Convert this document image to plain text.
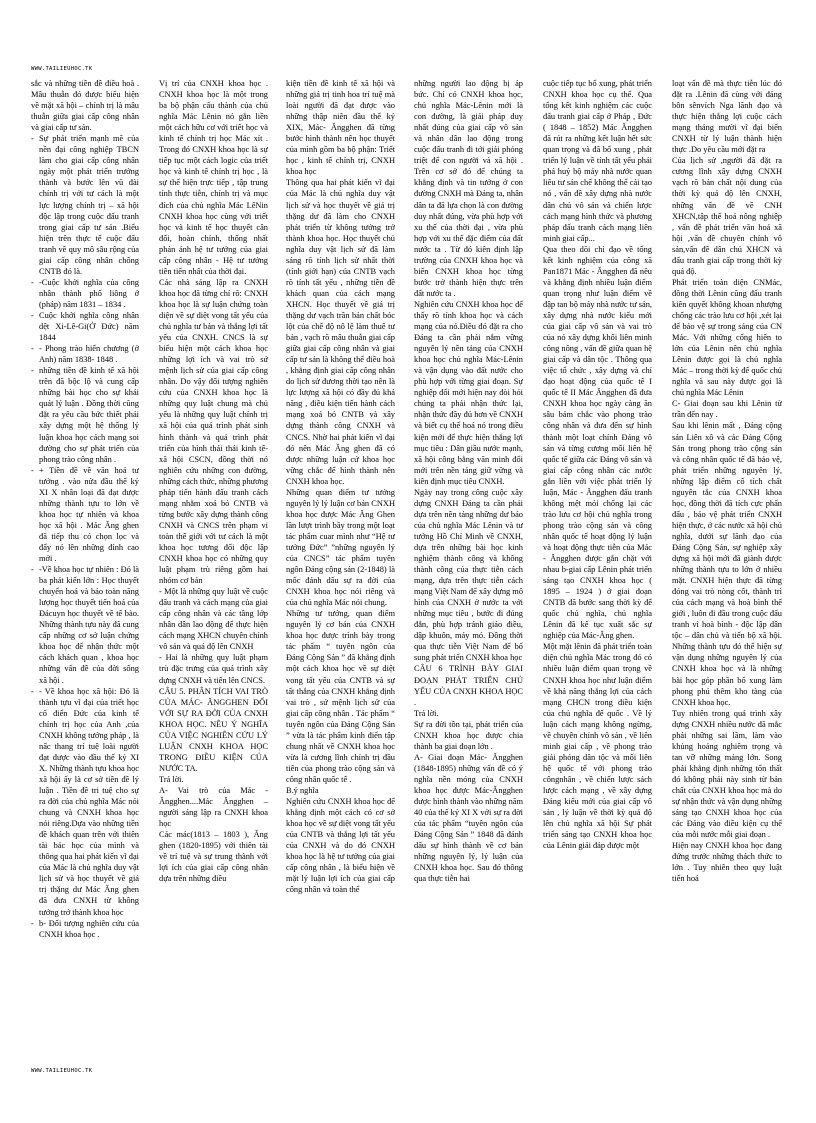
WWW.TAILIEUHOC.TK

sắc và những tiền đề điều hoà . Mâu thuẫn đó được biểu hiện về mặt xã hội – chính trị là mâu thuẫn giữa giai cấp công nhân và giai cấp tư sản.

- Sự phát triển mạnh mẽ của nền đại công nghiệp TBCN làm cho giai cấp công nhân ngày một phát triển trưởng thành và bước lên vũ đài chính trị với tư cách là một lực lượng chính trị – xã hội độc lập trong cuộc đấu tranh trong giai cấp tư sản .Biểu hiện trên thực tế cuộc đấu tranh về quy mô sâu rộng của giai cấp công nhân chống CNTB đó là.
- -Cuộc khởi nghĩa của công nhân thành phố liông ở (pháp) năm 1831 – 1834 .
- Cuộc khởi nghĩa công nhân dệt Xi-Lê-Gi(Ở Đức) năm 1844
- - Phong trào hiến chương (ở Anh) năm 1838- 1848 .
- những tiền đề kinh tế xã hội trên đã bộc lộ và cung cấp những bài học cho sự khái quát lý luận . Đồng thời cũng đặt ra yêu cầu bức thiết phải xây dựng một hệ thống lý luận khoa học cách mạng soi đường cho sự phát triển của phong trào công nhân .
- + Tiền đề về văn hoá tư tưởng . vào nửa đầu thế kỷ XI X nhân loại đã đạt được những thành tựu to lớn về khoa học tự nhiên và khoa học xã hội . Mác Ăng ghen đã tiếp thu có chọn lọc và đẩy nó lên những đỉnh cao mới .
- -Về khoa học tự nhiên : Đó là ba phát kiến lớn : Học thuyết chuyển hoá và bảo toàn năng lượng học thuyết tiến hoá của Đácuyn học thuyết về tế bào. Những thành tựu này đã cung cấp những cơ sở luận chứng khoa học để nhận thức một cách khách quan , khoa học những vấn đề của đời sống xã hội .
- - Về khoa học xã hội: Đó là thành tựu vĩ đại của triết học cổ điển Đức của kinh tế chính trị học của Anh ,của CNXH không tưởng pháp , là nấc thang trí tuệ loài người đạt được vào đầu thế kỷ XI X. Những thành tựu khoa học xã hội ấy là cơ sở tiền đề lý luận . Tiền đề tri tuệ cho sự ra đời của chủ nghĩa Mác nói chung và CNXH khoa học nói riêng.Dựa vào những tiền đề khách quan trên với thiên tài bác học của mình và thông qua hai phát kiến vĩ đại của Mác là chủ nghĩa duy vật lịch sử và học thuyết về giá trị thặng dư Mác Ăng ghen đã đưa CNXH từ không tưởng trở thành khoa học
- b- Đối tượng nghiên cứu của CNXH khoa học .

Vị trí của CNXH khoa học . CNXH khoa học là một trong ba bộ phận cấu thành của chủ nghĩa Mác Lênin nó gắn liền một cách hữu cơ với triết học và kinh tế chính trị học Mác xít . Trong đó CNXH khoa học là sự tiếp tục một cách logic của triết học và kinh tế chính trị học , là sự thể hiện trực tiếp , tập trung tính thực tiễn, chính trị và mục đích của chủ nghĩa Mác LêNin CNXH khoa học cùng với triết học và kinh tế học thuyết cân đối, hoàn chỉnh, thống nhất phản ánh hệ tư tưởng của giai cấp công nhân - Hệ tư tưởng tiên tiến nhất của thời đại.

Các nhà sáng lập ra CNXH khoa học đã từng chỉ rõ: CNXH khoa học là sự luận chứng toàn diện về sự diệt vong tất yếu của chủ nghĩa tư bản và thắng lợi tất yếu của CNXH. CNCS là sự biểu hiện một cách khoa học những lợi ích và vai trò sứ mệnh lịch sử của giai cấp công nhân. Do vậy đối tượng nghiên cứu của CNXH khoa học là những quy luật chung mà chủ yếu là những quy luật chính trị xã hội của quá trình phát sinh hình thành và quá trình phát triển của hình thái thái kinh tế- xã hội CSCN, đồng thời nó nghiên cứu những con đường, những cách thức, những phương pháp tiến hành đấu tranh cách mạng nhằm xoá bỏ CNTB và từng bước xây dựng thành công CNXH và CNCS trên phạm vi toàn thế giới với tư cách là một khoa học tương đối độc lập CNXH khoa học có những quy luật phạm trù riêng gồm hai nhóm cơ bản

- Một là những quy luật về cuộc đấu tranh và cách mạng của giai cấp công nhân và các tầng lớp nhân dân lao động để thực hiện cách mạng XHCN chuyên chính vô sản và quá độ lên CNXH

- Hai là những quy luật phạm trù đặc trưng của quá trình xây dựng CNXH và tiến lên CNCS.

CÂU 5. PHÂN TÍCH VAI TRÒ CỦA MÁC- ĂNGGHEN ĐỐI VỚI SỰ RA ĐỜI CỦA CNXH KHOA HỌC. NÊU Ý NGHĨA CỦA VIỆC NGHIÊN CỨU LÝ LUẬN CNXH KHOA HỌC TRONG ĐIỀU KIỆN CỦA NƯỚC TA.

Trả lời.

A- Vai trò của Mác - Ăngghen....Mác Ăngghen – người sáng lập ra CNXH khoa học

Các mác(1813 – 1803 ), Ăng ghen (1820-1895) với thiên tài về trí tuệ và sự trung thành với lợi ích của giai cấp công nhân dựa trên những điều

kiện tiền đề kinh tế xã hội và những giá trị tinh hoa trí tuệ mà loài người đã đạt được vào những thập niên đầu thế kỷ XIX, Mác- Ăngghen đã từng bước hình thành nên học thuyết của mình gồm ba bộ phận: Triết học , kinh tế chính trị, CNXH khoa học

Thông qua hai phát kiến vĩ đại của Mác là chủ nghĩa duy vật lịch sử và học thuyết về giá trị thặng dư đã làm cho CNXH phát triển từ không tưởng trở thành khoa học. Học thuyết chủ nghĩa duy vật lịch sử đã làm sáng rõ tính lịch sử nhất thời (tính giới hạn) của CNTB vạch rõ tính tất yếu , những tiền đề khách quan của cách mạng XHCN. Học thuyết về giá trị thặng dư vạch trần bản chất bóc lột của chế độ nô lệ làm thuê tư bản , vạch rõ mâu thuẫn giai cấp giữa giai cấp công nhân và giai cấp tư sản là không thể điều hoà , khẳng định giai cấp công nhân do lịch sử đương thời tạo nên là lực lượng xã hội có đầy đủ khả năng , điều kiện tiến hành cách mạng xoá bỏ CNTB và xây dựng thành công CNXH và CNCS. Nhờ hai phát kiến vĩ đại đó nên Mác Ăng ghen đã có được những luận cứ khoa học vững chắc để hình thành nên CNXH khoa học.

Những quan điểm tư tưởng nguyên lý lý luận cơ bản CNXH khoa học được Mác Ăng Ghen lần lượt trình bầy trong một loạt tác phẩm cuar mình như “Hệ tư tưởng Đức” ”những nguyên lý của CNCS” tác phẩm tuyên ngôn Đảng cộng sản (2-1848) là mốc đánh dấu sự ra đời của CNXH khoa học nói riêng và của chủ nghĩa Mác nói chung.

Những tư tưởng, quan điểm nguyên lý cơ bản của CNXH khoa học được trình bày trong tác phẩm “ tuyên ngôn của Đảng Cộng Sản ” đã khẳng định một cách khoa học về sự diệt vong tất yếu của CNTB và sự tất thắng của CNXH khẳng định vai trò , sứ mệnh lịch sử của giai cấp công nhân . Tác phẩm “ tuyên ngôn của Đảng Cộng Sản ” vừa là tác phẩm kinh điển tập chung nhất về CNXH khoa học vừa là cương lĩnh chính trị đầu tiên của phong trào cộng sản và công nhân quốc tế .

B.ý nghĩa

Nghiên cứu CNXH khoa học để khẳng định một cách có cơ sở khoa học về sự diệt vong tất yếu của CNTB và thắng lợi tất yếu của CNXH và do đó CNXH khoa học là hệ tư tưởng của giai cấp công nhân , là biểu hiện về mặt lý luận lợi ích của giai cấp công nhân và toàn thể

những người lao động bị áp bức. Chỉ có CNXH khoa học, chủ nghĩa Mác-Lênin mới là con đường, là giải pháp duy nhất đúng của giai cấp vô sản và nhân dân lao động trong cuộc đấu tranh đi tới giải phóng triệt để con người và xã hội . Trên cơ sở đó để chúng ta khẳng định và tin tưởng ở con đường CNXH mà Đảng ta, nhân dân ta đã lựa chọn là con đường duy nhất đúng, vừa phù hợp với xu thế của thời đại , vừa phù hợp với xu thế đặc điểm của đất nước ta . Từ đó kiên định lập trường của CNXH khoa học và biến CNXH khoa học từng bước trở thành hiện thực trên đất nước ta .

Nghiên cứu CNXH khoa học để thấy rõ tính khoa học và cách mạng của nó.Điều đó đặt ra cho Đảng ta cần phải nắm vững nguyên lý nền tảng của CNXH khoa học chủ nghĩa Mác-Lênin và vận dụng vào đất nước cho phù hợp với từng giai đoạn. Sự nghiệp đổi mới hiện nay đòi hỏi chúng ta phải nhận thức lại, nhận thức đầy đủ hơn về CNXH và biết cụ thể hoá nó trong điều kiện mới để thực hiện thắng lợi mục tiêu : Dân giầu nước mạnh, xã hội công bằng văn minh đổi mới trên nền tảng giữ vững và kiên định mục tiêu CNXH.

Ngày nay trong công cuộc xây dựng CNXH Đảng ta cần phải dựa trên nền tảng những dư báo của chủ nghĩa Mác Lênin và tư tưởng Hồ Chí Minh về CNXH, dựa trên những bài học kinh nghiệm thành công và không thành công của thực tiễn cách mạng, dựa trên thực tiễn cách mạng Việt Nam để xây dựng mô hình của CNXH ở nước ta với những mục tiêu , bước đi đúng đắn, phù hợp tránh giáo điều, dập khuôn, máy mó. Đồng thời qua thực tiễn Việt Nam để bổ sung phát triển CNXH khoa học

CÂU 6 TRÌNH BÀY GIAI ĐOẠN PHÁT TRIỂN CHỦ YẾU CỦA CNXH KHOA HỌC .

Trả lời.

Sự ra đời tồn tại, phát triển của CNXH khoa học được chia thành ba giai đoạn lớn .

A- Giai đoạn Mác- Ăngghen (1848-1895) những vấn đề có ý nghĩa nền móng của CNXH khoa học được Mác-Ăngghen được hình thành vào những năm 40 của thế kỷ XI X với sự ra đời của tác phẩm “tuyên ngôn của Đảng Cộng Sản ” 1848 đã đánh dấu sự hình thành về cơ bản những nguyên lý, lý luận của CNXH khoa học. Sau đó thông qua thực tiễn hai

cuộc tiếp tục bổ xung, phát triển CNXH khoa học cụ thể. Qua tổng kết kinh nghiệm các cuộc đấu tranh giai cấp ở Pháp , Đức ( 1848 – 1852) Mác Ăngghen đã rút ra những kết luận hết sức quan trọng và đã bổ xung , phát triển lý luận về tính tất yếu phải phá huỷ bộ máy nhà nước quan liêu tư sản chế không thể cải tạo nó , vấn đề xây dựng nhà nước dân chủ vô sản và chiến lược cách mạng hình thức và phương pháp đấu tranh cách mạng liên minh giai cấp...

Qua theo dõi chỉ đạo về tổng kết kinh nghiệm của công xã Pan1871 Mác - Ăngghen đã nêu và khẳng định nhiều luận điểm quan trọng như luận điểm về đập tan bộ máy nhà nước tư sản, xây dựng nhà nước kiểu mới của giai cấp vô sản và vai trò của nó xây dựng khối liên minh công nông , vấn đề giữa quan hệ giai cấp và dân tộc . Thông qua việc tổ chức , xây dựng và chỉ đạo hoạt động của quốc tế I quốc tế II Mác Ăngghen đã đưa CNXH khoa học ngày càng ăn sâu bám chắc vào phong trào công nhân và đưa đến sự hình thành một loạt chính Đảng vô sản và từng cương mối liên hệ quốc tế giữa các Đảng vô sản và giai cấp công nhân các nước gắn liền với việc phát triển lý luận, Mác - Ăngghen đấu tranh không mệt mỏi chống lại các trào lưu cơ hội chủ nghĩa trong phong trào cộng sản và công nhân quốc tế hoạt động lý luận và hoạt động thực tiễn của Mác - Ăngghen được gắn chặt với nhau b-giai cấp Lênin phát triển sáng tạo CNXH khoa học ( 1895 – 1924 ) ở giai đoạn CNTB đã bước sang thời kỳ đế quốc chủ nghĩa, chủ nghĩa Lênin đã kế tục xuất sắc sự nghiệp của Mác-Ăng ghen.

Một mặt lênin đã phát triển toàn diện chủ nghĩa Mác trong đó có nhiều luận điểm quan trọng về CNXH khoa học như luận điểm về khả năng thắng lợi của cách mạng CHCN trong điều kiện của chủ nghĩa đế quốc . Về lý luận cách mạng không ngừng, về chuyên chính vô sản , về liên minh giai cấp , về phong trào giải phóng dân tộc và mối liên hệ quốc tế với phong trào côngnhân , về chiến lược sách lược cách mạng , về xây dựng Đảng kiểu mới của giai cấp vô sản , lý luận về thời kỳ quá độ lên chủ nghĩa xã hội Sự phát triển sáng tạo CNXH khoa học của Lênin giải đáp được một

loạt vấn đề mà thực tiễn lúc đó đặt ra .Lênin đã cùng với đảng bôn sênvích Nga lãnh đạo và thực hiện thắng lợi cuộc cách mạng tháng mười vĩ đại biến CNXH từ lý luận thành hiện thực .Do yêu cầu mới đặt ra

Của lịch sử ,người đã đặt ra cương lĩnh xây dựng CNXH vạch rõ bản chất nội dung của thời kỳ quá độ lên CNXH, những vấn đề về CNH XHCN,tập thể hoá nông nghiệp , vấn đề phát triển văn hoá xã hội ,vấn đề chuyên chính vô sản,vấn đề dân chủ XHCN và đấu tranh giai cấp trong thời kỳ quá độ.

Phát triển toàn diện CNMác, đồng thời Lênin cũng đấu tranh kiên quyết không khoan nhượng chống các trào lưu cơ hội ,xét lại để bảo vệ sự trong sáng của CN Mác. Với những cống hiến to lớn của Lênin nên chủ nghĩa Lênin được gọi là chủ nghĩa Mác – trong thời kỳ đế quốc chủ nghĩa và sau này được gọi là chủ nghĩa Mác Lênin

C- Giai đoạn sau khi Lênin từ trần đến nay .

Sau khi lênin mất , Đảng cộng sản Liên xô và các Đảng Cộng Sản trong phong trào cộng sản và công nhân quốc tế đã bảo vệ, phát triển những nguyên lý, những lập điểm cố tích chất nguyên tắc của CNXH khoa học, đồng thời đã tích cực phấn đấu , bảo vệ phát triển CNXH hiện thực, ở các nước xã hội chủ nghĩa, dưới sự lãnh đạo của Đảng Cộng Sản, sự nghiệp xây dựng xã hội mới đã giành được những thành tựu to lớn ở nhiều mặt. CNXH hiện thực đã từng đóng vai trò nòng cốt, thành trì của cách mạng và hoà bình thế giới , luôn đi đầu trong cuộc đấu tranh vì hoà bình - độc lập dân tộc – dân chủ và tiến bộ xã hội. Những thành tựu đó thể hiện sự vận dụng những nguyên lý của CNXH khoa học và là những bài học góp phần bổ xung làm phong phú thêm kho tàng của CNXH khoa học.

Tuy nhiên trong quá trình xây dựng CNXH nhiều nước đã mắc phải những sai lầm, làm vào khủng hoảng nghiêm trọng và tan vỡ những mảng lớn. Song phải khẳng định những tổn thất đó không phải này sinh từ bản chất của CNXH khoa học mà do sự nhận thức và vận dụng những sáng tạo CNXH khoa học của các Đảng vào điều kiện cụ thể của mỗi nước mỗi giai đoạn .

Hiện nay CNXH khoa học đang đứng trước những thách thức to lớn . Tuy nhiên theo quy luật tiến hoá

WWW.TAILIEUHOC.TK
